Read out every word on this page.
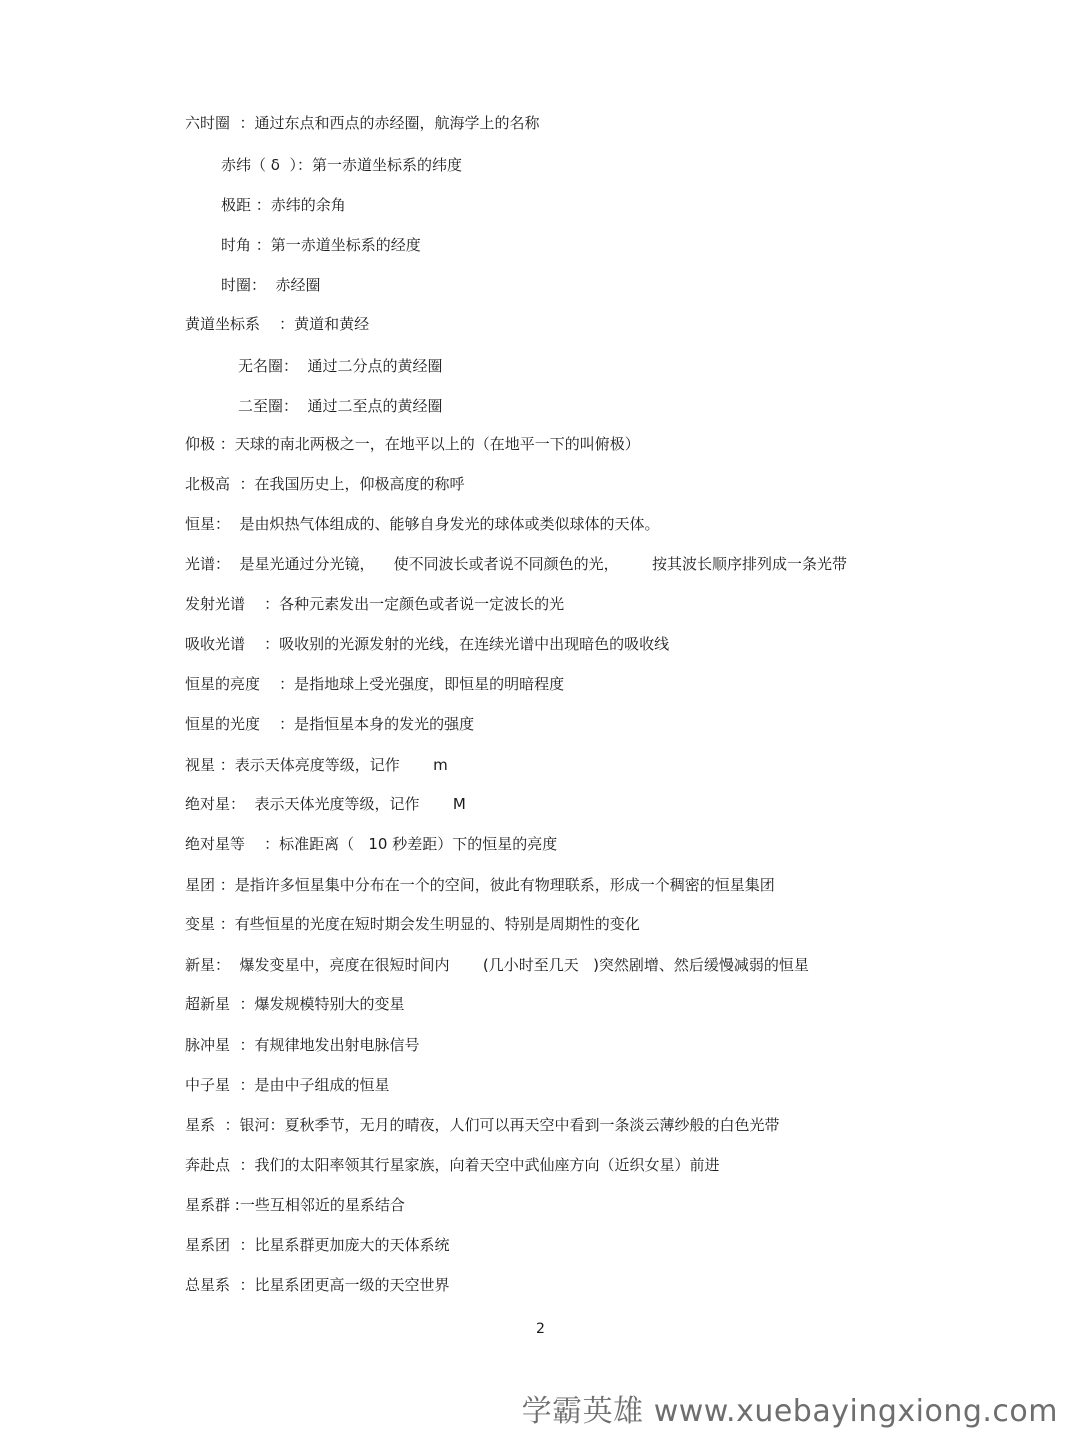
六时圈  ：通过东点和西点的赤经圈，航海学上的名称
赤纬（ δ  ）：第一赤道坐标系的纬度
极距 ：赤纬的余角
时角 ：第一赤道坐标系的经度
时圈：  赤经圈
黄道坐标系    ：黄道和黄经
无名圈：  通过二分点的黄经圈
二至圈：  通过二至点的黄经圈
仰极 ：天球的南北两极之一，在地平以上的（在地平一下的叫俯极）
北极高  ：在我国历史上，仰极高度的称呼
恒星：  是由炽热气体组成的、能够自身发光的球体或类似球体的天体。
光谱：  是星光通过分光镜，    使不同波长或者说不同颜色的光，       按其波长顺序排列成一条光带
发射光谱    ：各种元素发出一定颜色或者说一定波长的光
吸收光谱    ：吸收别的光源发射的光线，在连续光谱中出现暗色的吸收线
恒星的亮度    ：是指地球上受光强度，即恒星的明暗程度
恒星的光度    ：是指恒星本身的发光的强度
视星 ：表示天体亮度等级，记作       m
绝对星：  表示天体光度等级，记作       M
绝对星等    ：标准距离（   10 秒差距）下的恒星的亮度
星团 ：是指许多恒星集中分布在一个的空间，彼此有物理联系，形成一个稠密的恒星集团
变星 ：有些恒星的光度在短时期会发生明显的、特别是周期性的变化
新星：  爆发变星中，亮度在很短时间内       (几小时至几天   )突然剧增、然后缓慢减弱的恒星
超新星  ：爆发规模特别大的变星
脉冲星  ：有规律地发出射电脉信号
中子星  ：是由中子组成的恒星
星系  ：银河：夏秋季节，无月的晴夜，人们可以再天空中看到一条淡云薄纱般的白色光带
奔赴点  ：我们的太阳率领其行星家族，向着天空中武仙座方向（近织女星）前进
星系群 :一些互相邻近的星系结合
星系团  ：比星系群更加庞大的天体系统
总星系  ：比星系团更高一级的天空世界
2
学霸英雄 www.xuebayingxiong.com
